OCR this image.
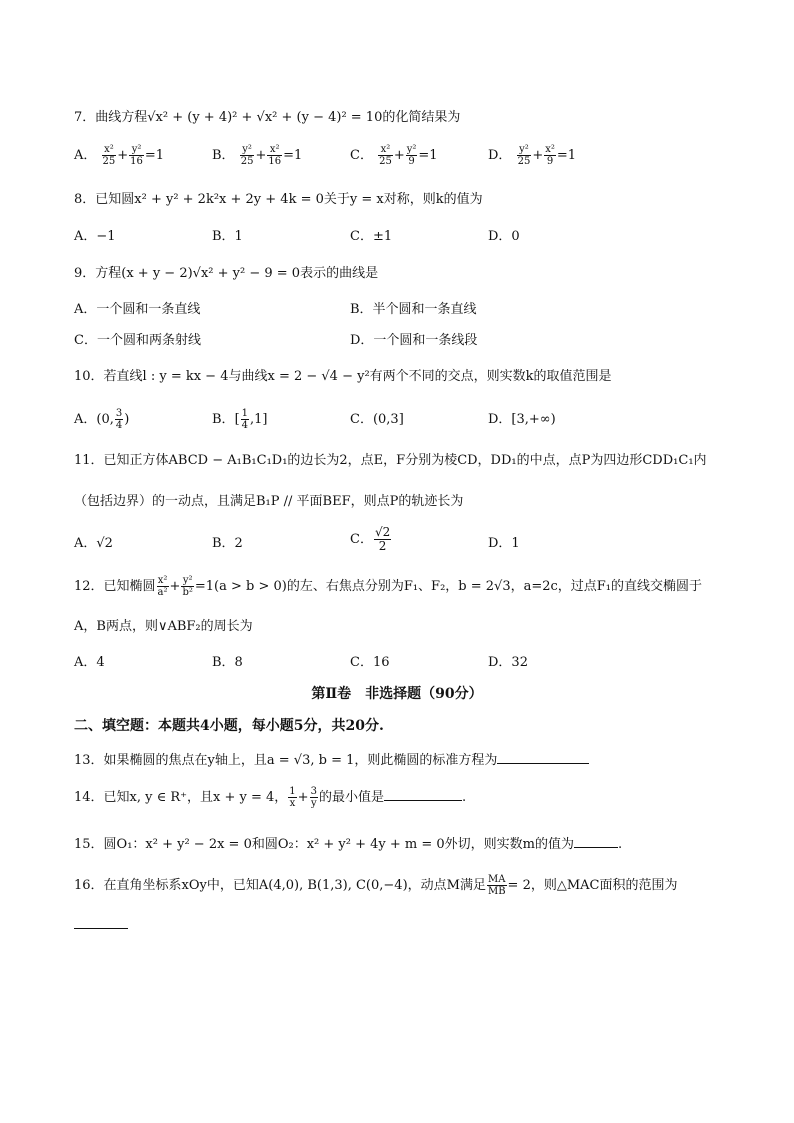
7．曲线方程√x² + (y + 4)² + √x² + (y − 4)² = 10的化简结果为
A． $\frac{\text{x²}}{25} + \frac{\text{y²}}{16} =1$	B． $\frac{\text{y²}}{25} + \frac{\text{x²}}{16} =1$	C． $\frac{\text{x²}}{25} + \frac{\text{y²}}{9} =1$	D． $\frac{\text{y²}}{25} + \frac{\text{x²}}{9} =1$
8．已知圆x² + y² + 2k²x + 2y + 4k = 0关于y = x对称，则k的值为
A．−1	B．1	C．±1	D．0
9．方程(x + y − 2)√x² + y² − 9 = 0表示的曲线是
A．一个圆和一条直线	B．半个圆和一条直线
C．一个圆和两条射线	D．一个圆和一条线段
10．若直线l : y = kx − 4与曲线x = 2 − √4 − y²有两个不同的交点，则实数k的取值范围是
A．(0, $\frac{3}{4}$ )	B．[ $\frac{1}{4} ,1$]	C．(0,3]	D．[3,+∞)
11．已知正方体ABCD − A₁B₁C₁D₁的边长为2，点E，F分别为棱CD，DD₁的中点，点P为四边形CDD₁C₁内
（包括边界）的一动点，且满足B₁P // 平面BEF，则点P的轨迹长为
A．√2	B．2	C． $\frac{√2}{2}$	D．1
12．已知椭圆 $\frac{\text{x²}}{\text{a²}} + \frac{\text{y²}}{\text{b²}} =1(a > b > 0)$的左、右焦点分别为F₁、F₂，b = 2√3，a=2c，过点F₁的直线交椭圆于
A，B两点，则∨ABF₂的周长为
A．4	B．8	C．16	D．32
第Ⅱ卷　非选择题（90分）
二、填空题：本题共4小题，每小题5分，共20分.
13．如果椭圆的焦点在y轴上，且a = √3, b = 1，则此椭圆的标准方程为
14．已知x, y ∈ R⁺，且x + y = 4， $\frac{1}{x} + \frac{3}{y}$ 的最小值是	.
15．圆O₁：x² + y² − 2x = 0和圆O₂：x² + y² + 4y + m = 0外切，则实数m的值为	.
16．在直角坐标系xOy中，已知A(4,0), B(1,3), C(0,−4)，动点M满足 $\frac{MA}{MB} = 2$，则△MAC面积的范围为
